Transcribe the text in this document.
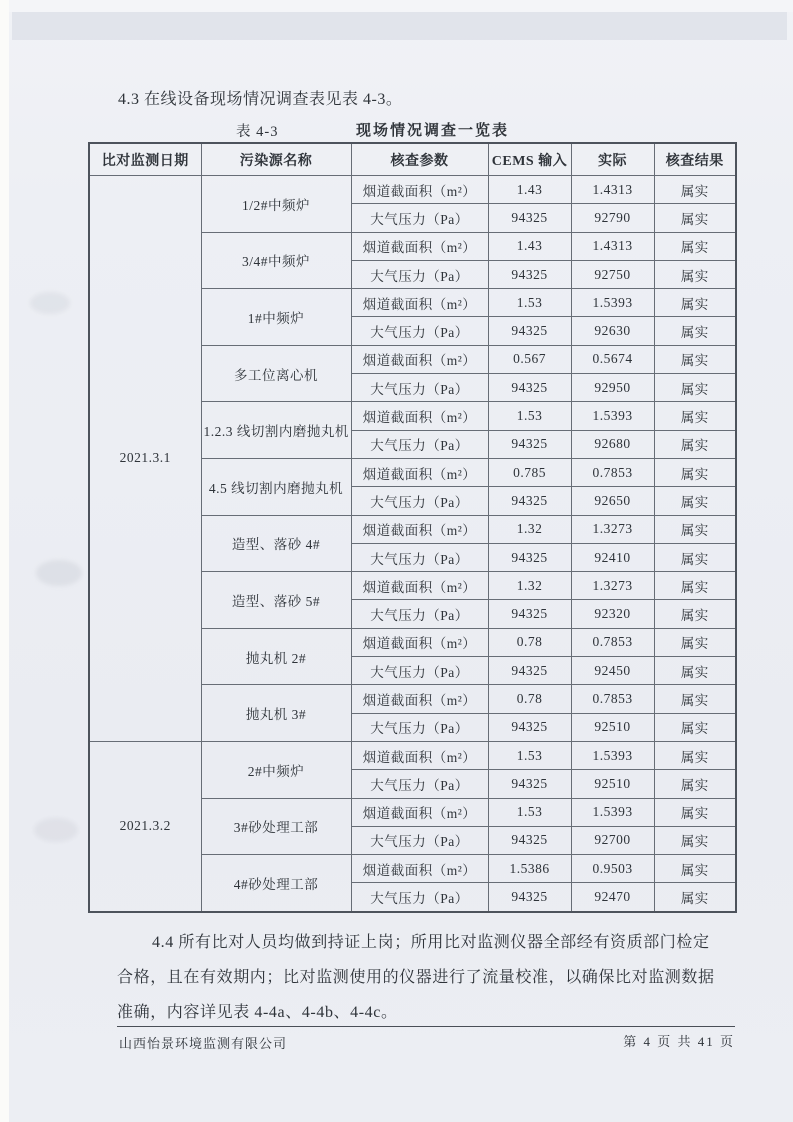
4.3 在线设备现场情况调查表见表 4-3。

表 4-3	现场情况调查一览表
比对监测日期	污染源名称	核查参数	CEMS 输入	实际	核查结果
2021.3.1	1/2#中频炉	烟道截面积（m²）	1.43	1.4313	属实
		大气压力（Pa）	94325	92790	属实
	3/4#中频炉	烟道截面积（m²）	1.43	1.4313	属实
		大气压力（Pa）	94325	92750	属实
	1#中频炉	烟道截面积（m²）	1.53	1.5393	属实
		大气压力（Pa）	94325	92630	属实
	多工位离心机	烟道截面积（m²）	0.567	0.5674	属实
		大气压力（Pa）	94325	92950	属实
	1.2.3 线切割内磨抛丸机	烟道截面积（m²）	1.53	1.5393	属实
		大气压力（Pa）	94325	92680	属实
	4.5 线切割内磨抛丸机	烟道截面积（m²）	0.785	0.7853	属实
		大气压力（Pa）	94325	92650	属实
	造型、落砂 4#	烟道截面积（m²）	1.32	1.3273	属实
		大气压力（Pa）	94325	92410	属实
	造型、落砂 5#	烟道截面积（m²）	1.32	1.3273	属实
		大气压力（Pa）	94325	92320	属实
	抛丸机 2#	烟道截面积（m²）	0.78	0.7853	属实
		大气压力（Pa）	94325	92450	属实
	抛丸机 3#	烟道截面积（m²）	0.78	0.7853	属实
		大气压力（Pa）	94325	92510	属实
2021.3.2	2#中频炉	烟道截面积（m²）	1.53	1.5393	属实
		大气压力（Pa）	94325	92510	属实
	3#砂处理工部	烟道截面积（m²）	1.53	1.5393	属实
		大气压力（Pa）	94325	92700	属实
	4#砂处理工部	烟道截面积（m²）	1.5386	0.9503	属实
		大气压力（Pa）	94325	92470	属实
4.4 所有比对人员均做到持证上岗；所用比对监测仪器全部经有资质部门检定
合格，且在有效期内；比对监测使用的仪器进行了流量校准，以确保比对监测数据
准确，内容详见表 4-4a、4-4b、4-4c。
山西怡景环境监测有限公司	第 4 页 共 41 页
